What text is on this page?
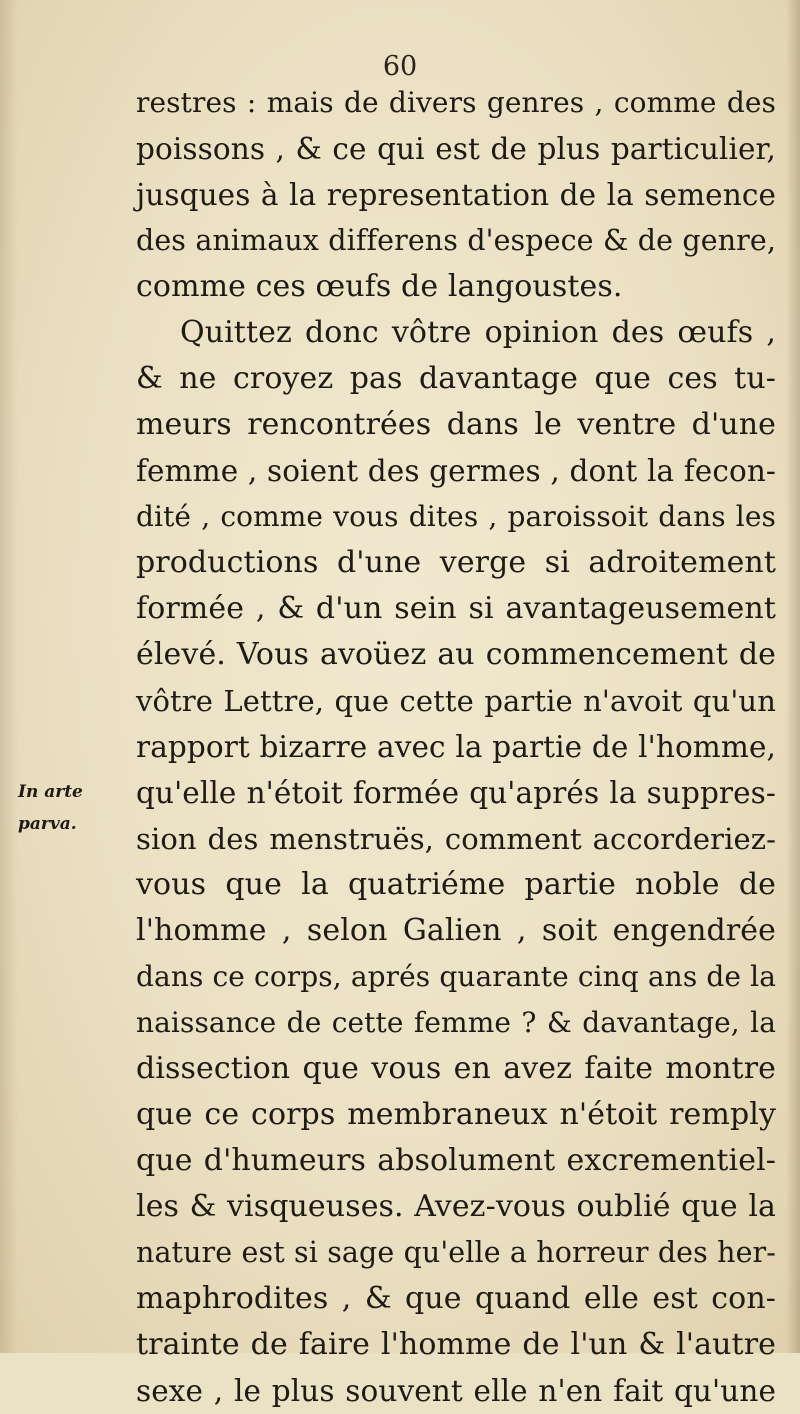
60
In arte
parva.
restres : mais de divers genres , comme des
poissons , & ce qui est de plus particulier,
jusques à la representation de la semence
des animaux differens d'espece & de genre,
comme ces œufs de langoustes.
Quittez donc vôtre opinion des œufs ,
& ne croyez pas davantage que ces tu-
meurs rencontrées dans le ventre d'une
femme , soient des germes , dont la fecon-
dité , comme vous dites , paroissoit dans les
productions d'une verge si adroitement
formée , & d'un sein si avantageusement
élevé. Vous avoüez au commencement de
vôtre Lettre, que cette partie n'avoit qu'un
rapport bizarre avec la partie de l'homme,
qu'elle n'étoit formée qu'aprés la suppres-
sion des menstruës, comment accorderiez-
vous que la quatriéme partie noble de
l'homme , selon Galien , soit engendrée
dans ce corps, aprés quarante cinq ans de la
naissance de cette femme ? & davantage, la
dissection que vous en avez faite montre
que ce corps membraneux n'étoit remply
que d'humeurs absolument excrementiel-
les & visqueuses. Avez-vous oublié que la
nature est si sage qu'elle a horreur des her-
maphrodites , & que quand elle est con-
trainte de faire l'homme de l'un & l'autre
sexe , le plus souvent elle n'en fait qu'une
